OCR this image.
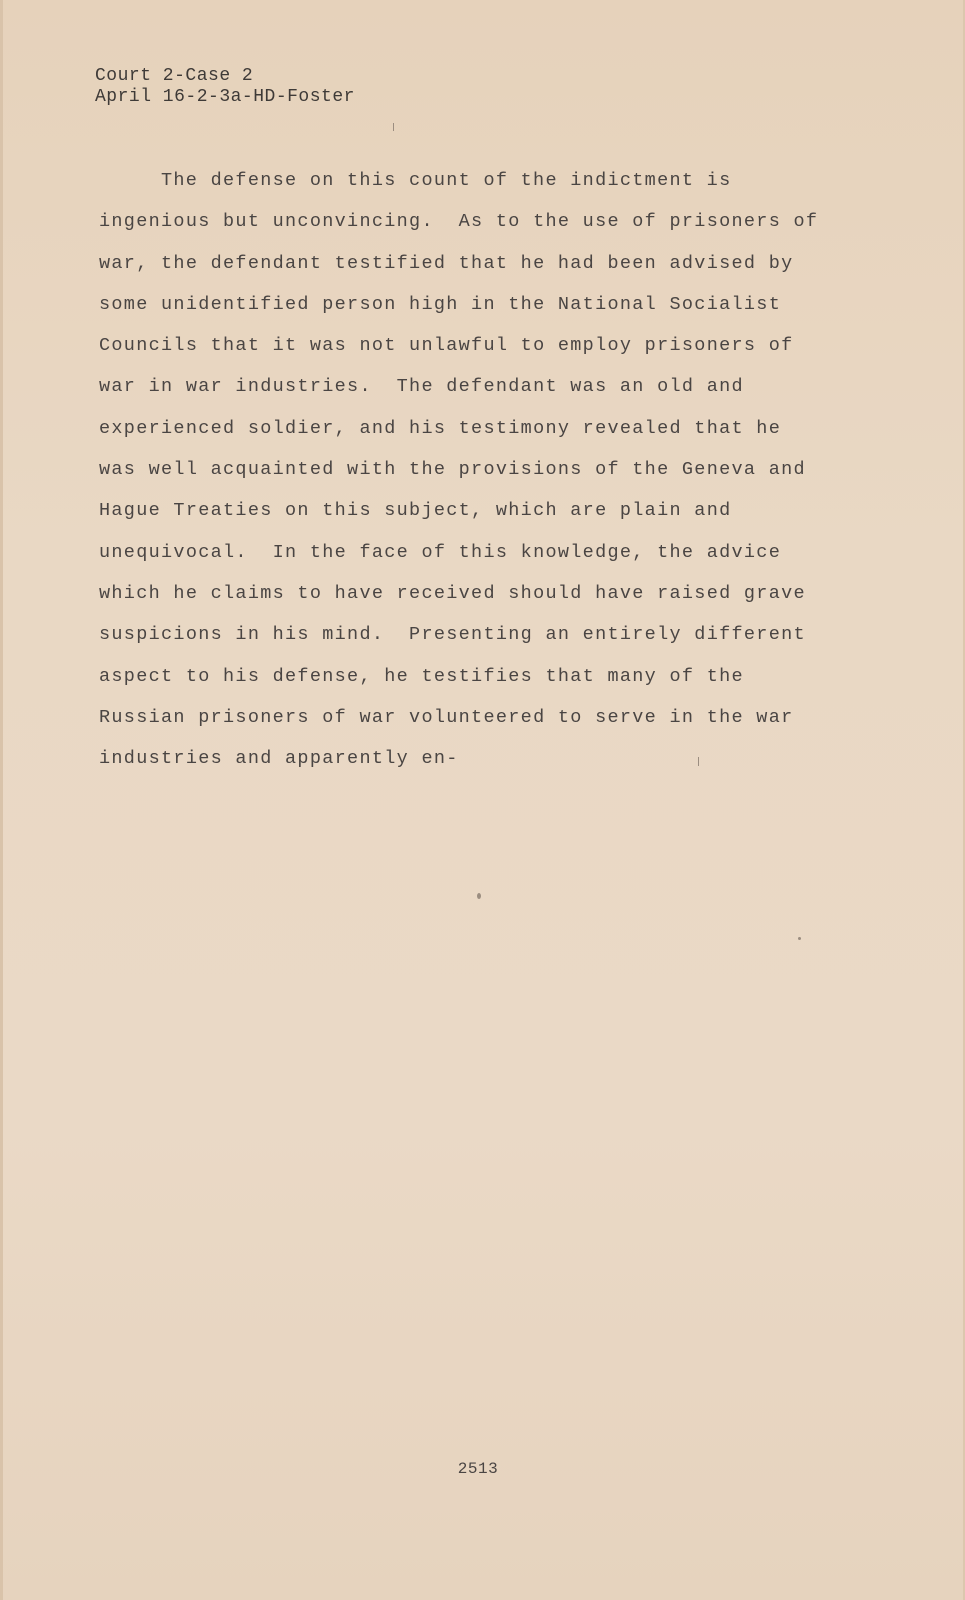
Court 2-Case 2
April 16-2-3a-HD-Foster
The defense on this count of the indictment is
ingenious but unconvincing.  As to the use of prisoners of
war, the defendant testified that he had been advised by
some unidentified person high in the National Socialist
Councils that it was not unlawful to employ prisoners of
war in war industries.  The defendant was an old and
experienced soldier, and his testimony revealed that he
was well acquainted with the provisions of the Geneva and
Hague Treaties on this subject, which are plain and
unequivocal.  In the face of this knowledge, the advice
which he claims to have received should have raised grave
suspicions in his mind.  Presenting an entirely different
aspect to his defense, he testifies that many of the
Russian prisoners of war volunteered to serve in the war
industries and apparently en-
2513
